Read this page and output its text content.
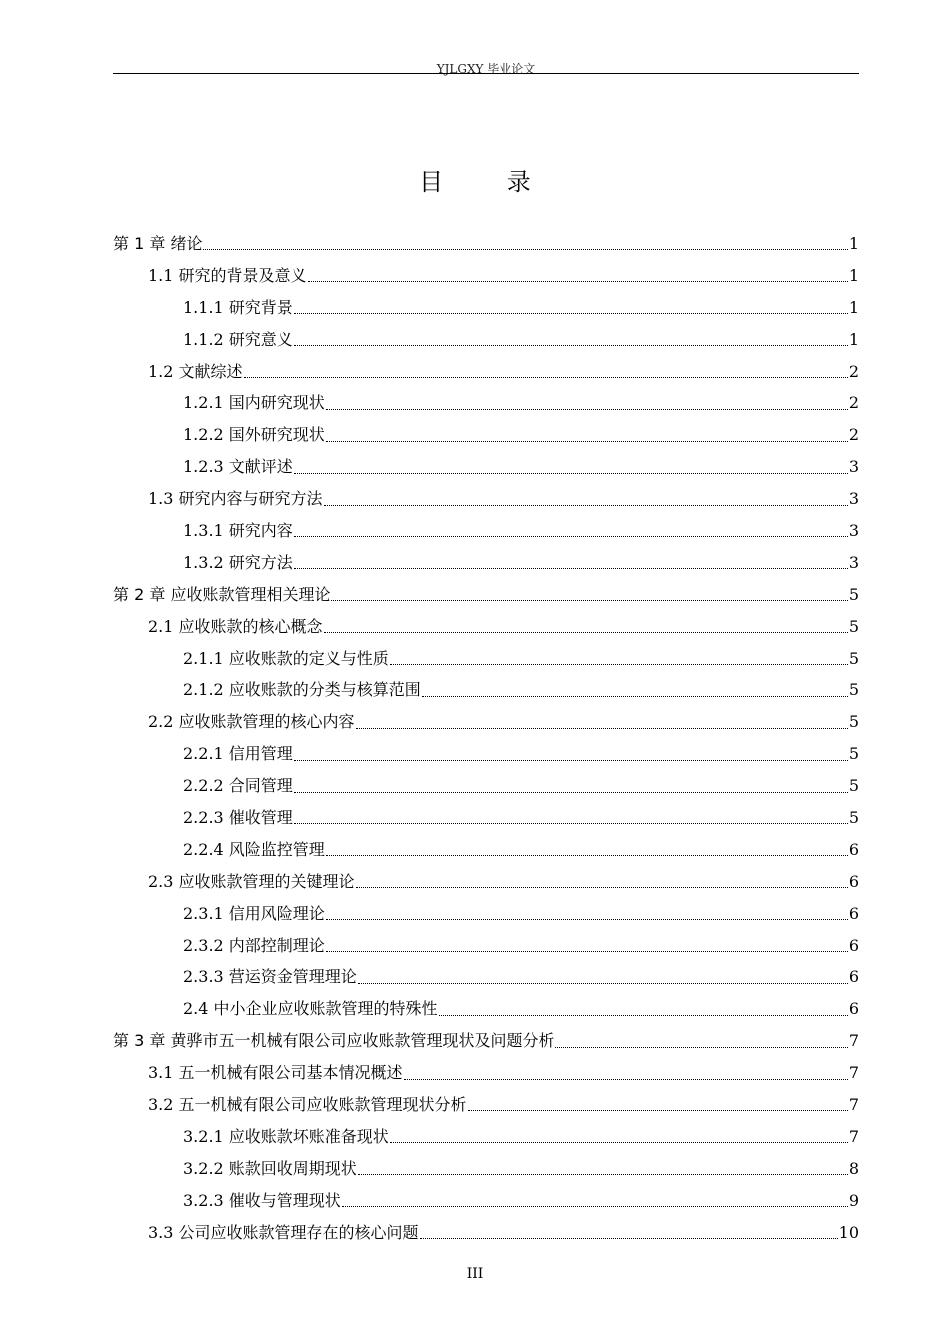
YJLGXY 毕业论文
目 录
第 1 章 绪论	1
1.1 研究的背景及意义	1
1.1.1 研究背景	1
1.1.2 研究意义	1
1.2 文献综述	2
1.2.1 国内研究现状	2
1.2.2 国外研究现状	2
1.2.3 文献评述	3
1.3 研究内容与研究方法	3
1.3.1 研究内容	3
1.3.2 研究方法	3
第 2 章 应收账款管理相关理论	5
2.1 应收账款的核心概念	5
2.1.1 应收账款的定义与性质	5
2.1.2 应收账款的分类与核算范围	5
2.2 应收账款管理的核心内容	5
2.2.1 信用管理	5
2.2.2 合同管理	5
2.2.3 催收管理	5
2.2.4 风险监控管理	6
2.3 应收账款管理的关键理论	6
2.3.1 信用风险理论	6
2.3.2 内部控制理论	6
2.3.3 营运资金管理理论	6
2.4 中小企业应收账款管理的特殊性	6
第 3 章 黄骅市五一机械有限公司应收账款管理现状及问题分析	7
3.1 五一机械有限公司基本情况概述	7
3.2 五一机械有限公司应收账款管理现状分析	7
3.2.1 应收账款坏账准备现状	7
3.2.2 账款回收周期现状	8
3.2.3 催收与管理现状	9
3.3 公司应收账款管理存在的核心问题	10
III
